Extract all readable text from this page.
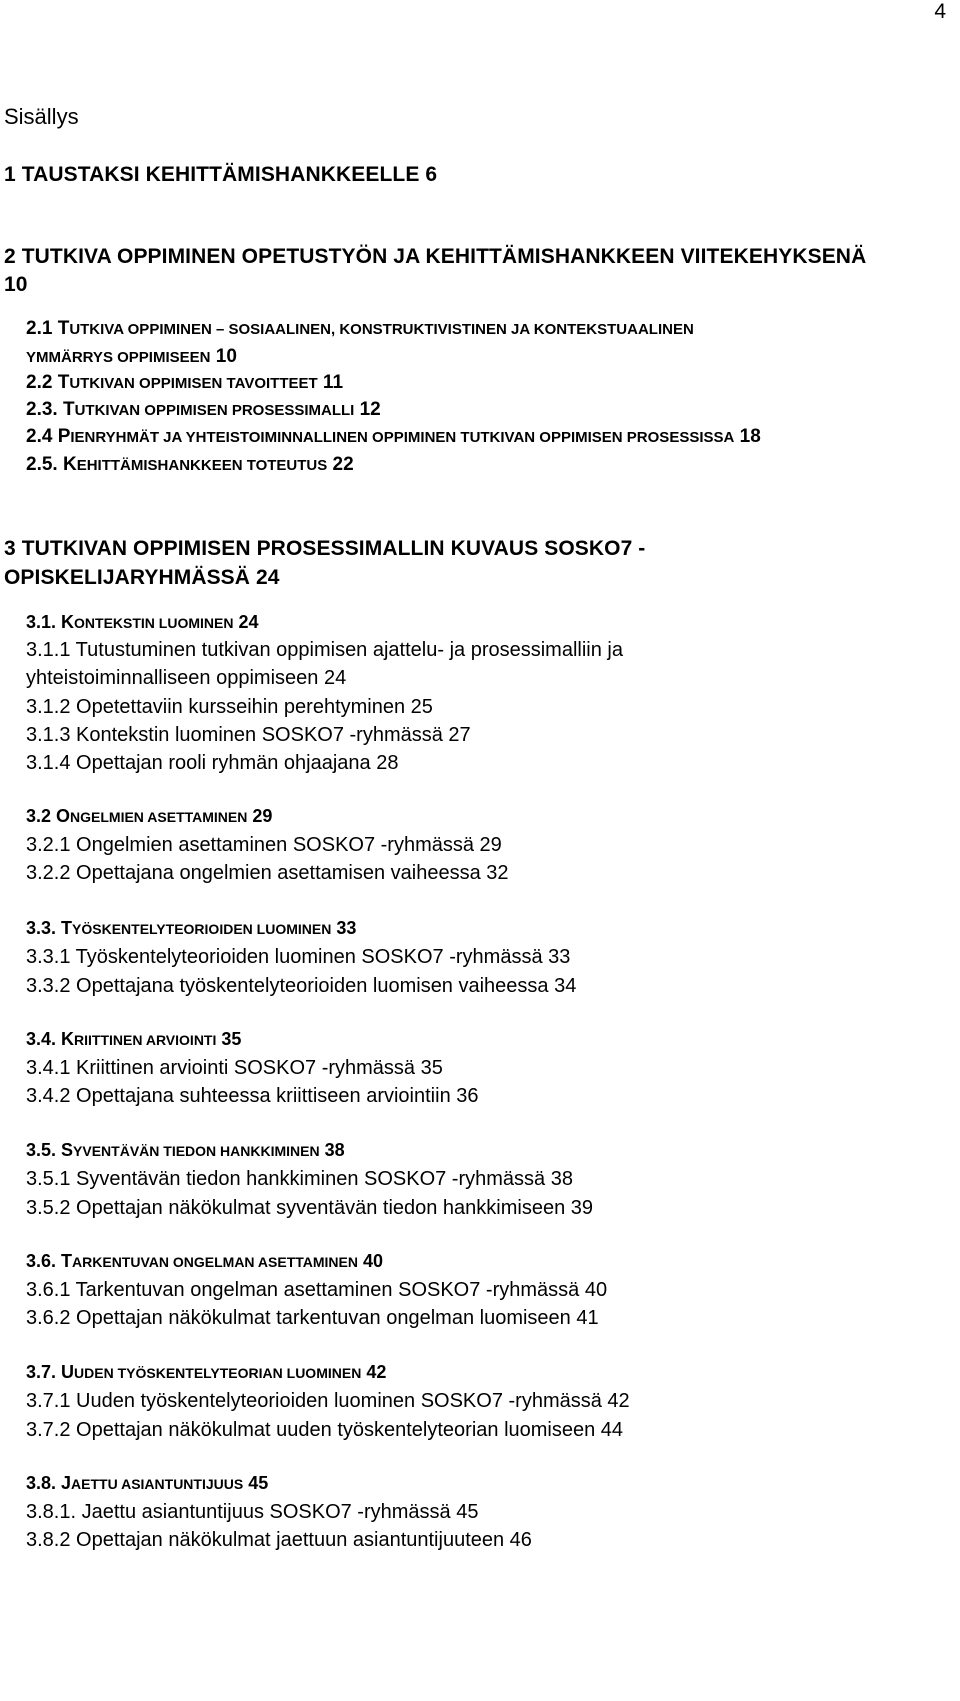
4
Sisällys
1 TAUSTAKSI KEHITTÄMISHANKKEELLE 6
2 TUTKIVA OPPIMINEN OPETUSTYÖN JA KEHITTÄMISHANKKEEN VIITEKEHYKSENÄ
10
2.1 TUTKIVA OPPIMINEN – SOSIAALINEN, KONSTRUKTIVISTINEN JA KONTEKSTUAALINEN
YMMÄRRYS OPPIMISEEN 10
2.2 TUTKIVAN OPPIMISEN TAVOITTEET 11
2.3. TUTKIVAN OPPIMISEN PROSESSIMALLI 12
2.4 PIENRYHMÄT JA YHTEISTOIMINNALLINEN OPPIMINEN TUTKIVAN OPPIMISEN PROSESSISSA 18
2.5. KEHITTÄMISHANKKEEN TOTEUTUS 22
3 TUTKIVAN OPPIMISEN PROSESSIMALLIN KUVAUS SOSKO7 -
OPISKELIJARYHMÄSSÄ 24
3.1. KONTEKSTIN LUOMINEN 24
3.1.1 Tutustuminen tutkivan oppimisen ajattelu- ja prosessimalliin ja
yhteistoiminnalliseen oppimiseen 24
3.1.2 Opetettaviin kursseihin perehtyminen 25
3.1.3 Kontekstin luominen SOSKO7 -ryhmässä 27
3.1.4 Opettajan rooli ryhmän ohjaajana 28
3.2 ONGELMIEN ASETTAMINEN 29
3.2.1 Ongelmien asettaminen SOSKO7 -ryhmässä 29
3.2.2 Opettajana ongelmien asettamisen vaiheessa 32
3.3. TYÖSKENTELYTEORIOIDEN LUOMINEN 33
3.3.1 Työskentelyteorioiden luominen SOSKO7 -ryhmässä 33
3.3.2 Opettajana työskentelyteorioiden luomisen vaiheessa 34
3.4. KRIITTINEN ARVIOINTI 35
3.4.1 Kriittinen arviointi SOSKO7 -ryhmässä 35
3.4.2 Opettajana suhteessa kriittiseen arviointiin 36
3.5. SYVENTÄVÄN TIEDON HANKKIMINEN 38
3.5.1 Syventävän tiedon hankkiminen SOSKO7 -ryhmässä 38
3.5.2 Opettajan näkökulmat syventävän tiedon hankkimiseen 39
3.6. TARKENTUVAN ONGELMAN ASETTAMINEN 40
3.6.1 Tarkentuvan ongelman asettaminen SOSKO7 -ryhmässä 40
3.6.2 Opettajan näkökulmat tarkentuvan ongelman luomiseen 41
3.7. UUDEN TYÖSKENTELYTEORIAN LUOMINEN 42
3.7.1 Uuden työskentelyteorioiden luominen SOSKO7 -ryhmässä 42
3.7.2 Opettajan näkökulmat uuden työskentelyteorian luomiseen 44
3.8. JAETTU ASIANTUNTIJUUS 45
3.8.1. Jaettu asiantuntijuus SOSKO7 -ryhmässä 45
3.8.2 Opettajan näkökulmat jaettuun asiantuntijuuteen 46
